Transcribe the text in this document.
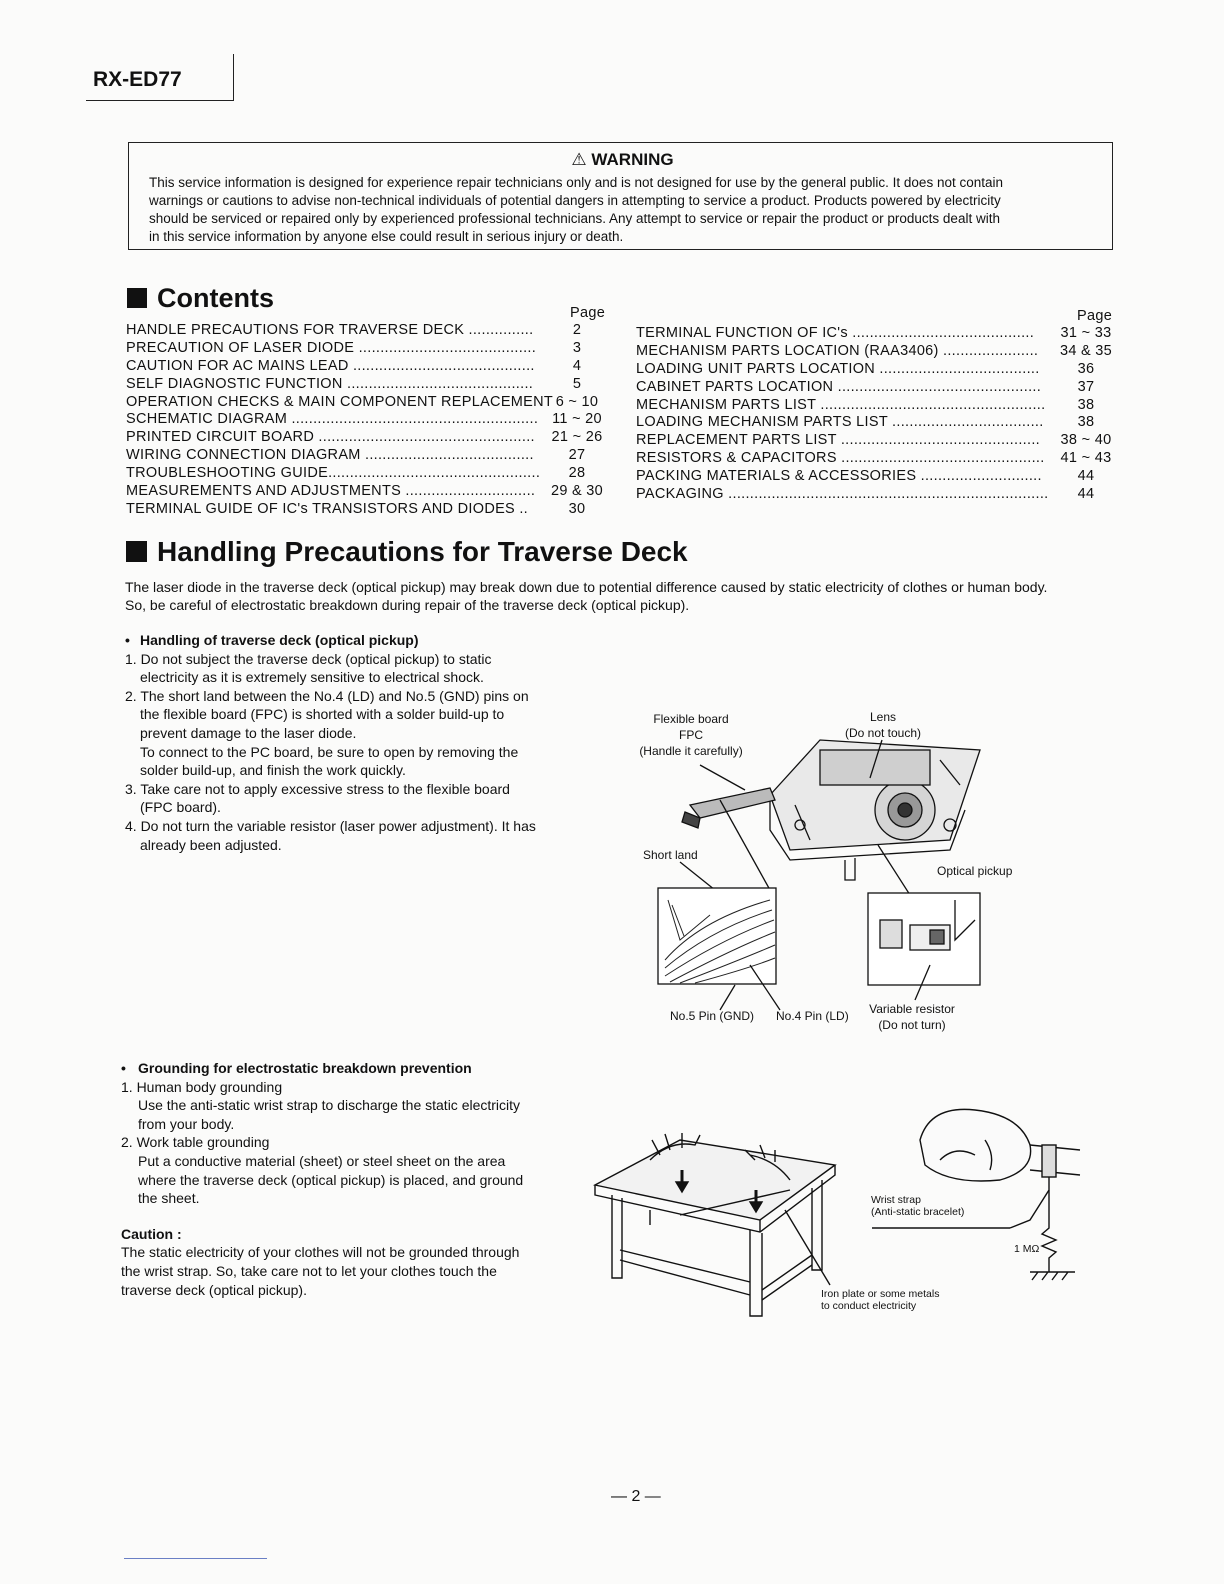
RX-ED77
⚠ WARNING
This service information is designed for experience repair technicians only and is not designed for use by the general public. It does not contain
warnings or cautions to advise non-technical individuals of potential dangers in attempting to service a product. Products powered by electricity
should be serviced or repaired only by experienced professional technicians. Any attempt to service or repair the product or products dealt with
in this service information by anyone else could result in serious injury or death.
Contents	Page
HANDLE PRECAUTIONS FOR TRAVERSE DECK ...............	2
PRECAUTION OF LASER DIODE .........................................	3
CAUTION FOR AC MAINS LEAD ..........................................	4
SELF DIAGNOSTIC FUNCTION ...........................................	5
OPERATION CHECKS & MAIN COMPONENT REPLACEMENT 6 ~ 10
SCHEMATIC DIAGRAM ......................................................... 11 ~ 20
PRINTED CIRCUIT BOARD ..................................................	21 ~ 26
WIRING CONNECTION DIAGRAM .......................................	27
TROUBLESHOOTING GUIDE.................................................	28
MEASUREMENTS AND ADJUSTMENTS ..............................	29 & 30
TERMINAL GUIDE OF IC's TRANSISTORS AND DIODES ..	30
Page
TERMINAL FUNCTION OF IC's ..........................................	31 ~ 33
MECHANISM PARTS LOCATION (RAA3406) ...................... 34 & 35
LOADING UNIT PARTS LOCATION .....................................	36
CABINET PARTS LOCATION ...............................................	37
MECHANISM PARTS LIST ....................................................	38
LOADING MECHANISM PARTS LIST ...................................	38
REPLACEMENT PARTS LIST ..............................................	38 ~ 40
RESISTORS & CAPACITORS ...............................................	41 ~ 43
PACKING MATERIALS & ACCESSORIES ............................	44
PACKAGING ..........................................................................	44
Handling Precautions for Traverse Deck
The laser diode in the traverse deck (optical pickup) may break down due to potential difference caused by static electricity of clothes or human body.
So, be careful of electrostatic breakdown during repair of the traverse deck (optical pickup).
• Handling of traverse deck (optical pickup)
1. Do not subject the traverse deck (optical pickup) to static electricity as it is extremely sensitive to electrical shock.
2. The short land between the No.4 (LD) and No.5 (GND) pins on the flexible board (FPC) is shorted with a solder build-up to prevent damage to the laser diode.
To connect to the PC board, be sure to open by removing the solder build-up, and finish the work quickly.
3. Take care not to apply excessive stress to the flexible board (FPC board).
4. Do not turn the variable resistor (laser power adjustment). It has already been adjusted.
Flexible board
FPC
(Handle it carefully)
Lens
(Do not touch)
Short land
Optical pickup
No.5 Pin (GND) No.4 Pin (LD)	Variable resistor
(Do not turn)
• Grounding for electrostatic breakdown prevention
1. Human body grounding
Use the anti-static wrist strap to discharge the static electricity from your body.
2. Work table grounding
Put a conductive material (sheet) or steel sheet on the area where the traverse deck (optical pickup) is placed, and ground the sheet.
Caution :
The static electricity of your clothes will not be grounded through the wrist strap. So, take care not to let your clothes touch the traverse deck (optical pickup).
Wrist strap
(Anti-static bracelet)
1 MΩ
Iron plate or some metals
to conduct electricity
— 2 —
